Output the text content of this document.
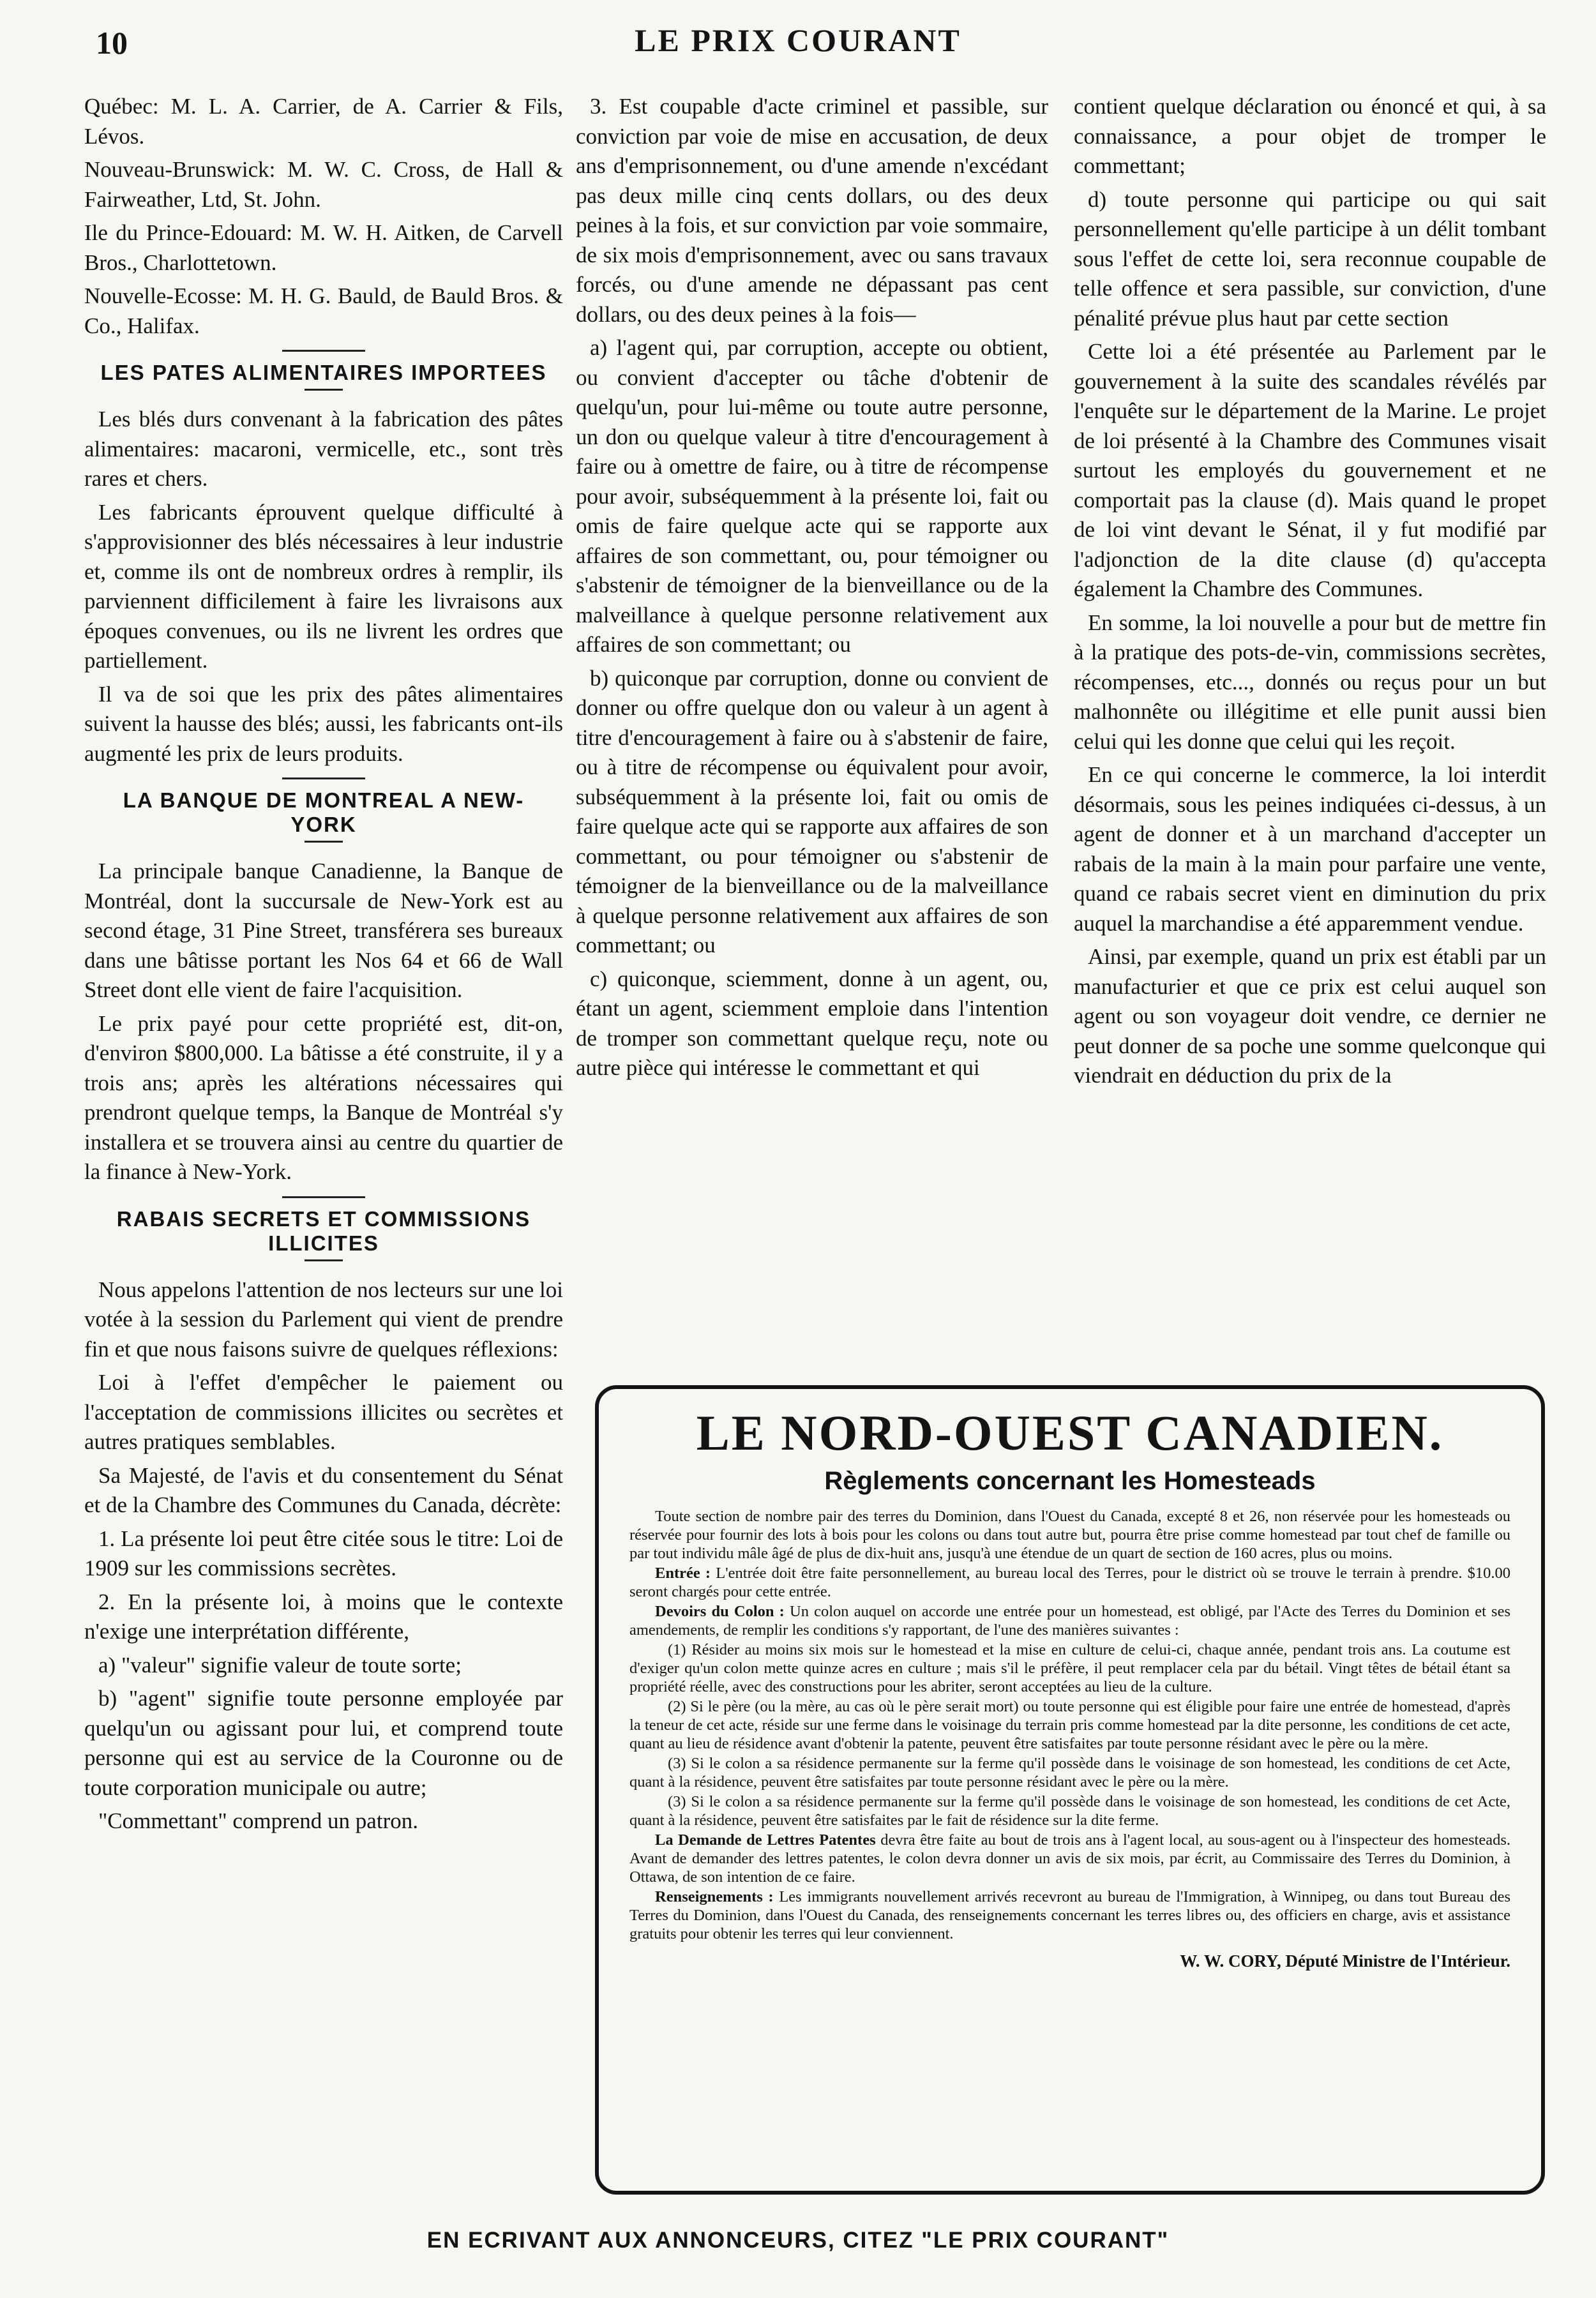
10	LE PRIX COURANT

Québec: M. L. A. Carrier, de A. Carrier & Fils, Lévos.

Nouveau-Brunswick: M. W. C. Cross, de Hall & Fairweather, Ltd, St. John.

Ile du Prince-Edouard: M. W. H. Aitken, de Carvell Bros., Charlottetown.

Nouvelle-Ecosse: M. H. G. Bauld, de Bauld Bros. & Co., Halifax.

LES PATES ALIMENTAIRES IMPORTEES

Les blés durs convenant à la fabrication des pâtes alimentaires: macaroni, vermicelle, etc., sont très rares et chers.

Les fabricants éprouvent quelque difficulté à s'approvisionner des blés nécessaires à leur industrie et, comme ils ont de nombreux ordres à remplir, ils parviennent difficilement à faire les livraisons aux époques convenues, ou ils ne livrent les ordres que partiellement.

Il va de soi que les prix des pâtes alimentaires suivent la hausse des blés; aussi, les fabricants ont-ils augmenté les prix de leurs produits.

LA BANQUE DE MONTREAL A NEW-YORK

La principale banque Canadienne, la Banque de Montréal, dont la succursale de New-York est au second étage, 31 Pine Street, transférera ses bureaux dans une bâtisse portant les Nos 64 et 66 de Wall Street dont elle vient de faire l'acquisition.

Le prix payé pour cette propriété est, dit-on, d'environ $800,000. La bâtisse a été construite, il y a trois ans; après les altérations nécessaires qui prendront quelque temps, la Banque de Montréal s'y installera et se trouvera ainsi au centre du quartier de la finance à New-York.

RABAIS SECRETS ET COMMISSIONS ILLICITES

Nous appelons l'attention de nos lecteurs sur une loi votée à la session du Parlement qui vient de prendre fin et que nous faisons suivre de quelques réflexions:

Loi à l'effet d'empêcher le paiement ou l'acceptation de commissions illicites ou secrètes et autres pratiques semblables.

Sa Majesté, de l'avis et du consentement du Sénat et de la Chambre des Communes du Canada, décrète:

1. La présente loi peut être citée sous le titre: Loi de 1909 sur les commissions secrètes.

2. En la présente loi, à moins que le contexte n'exige une interprétation différente,

a) "valeur" signifie valeur de toute sorte;

b) "agent" signifie toute personne employée par quelqu'un ou agissant pour lui, et comprend toute personne qui est au service de la Couronne ou de toute corporation municipale ou autre;

"Commettant" comprend un patron.

3. Est coupable d'acte criminel et passible, sur conviction par voie de mise en accusation, de deux ans d'emprisonnement, ou d'une amende n'excédant pas deux mille cinq cents dollars, ou des deux peines à la fois, et sur conviction par voie sommaire, de six mois d'emprisonnement, avec ou sans travaux forcés, ou d'une amende ne dépassant pas cent dollars, ou des deux peines à la fois—

a) l'agent qui, par corruption, accepte ou obtient, ou convient d'accepter ou tâche d'obtenir de quelqu'un, pour lui-même ou toute autre personne, un don ou quelque valeur à titre d'encouragement à faire ou à omettre de faire, ou à titre de récompense pour avoir, subséquemment à la présente loi, fait ou omis de faire quelque acte qui se rapporte aux affaires de son commettant, ou, pour témoigner ou s'abstenir de témoigner de la bienveillance ou de la malveillance à quelque personne relativement aux affaires de son commettant; ou

b) quiconque par corruption, donne ou convient de donner ou offre quelque don ou valeur à un agent à titre d'encouragement à faire ou à s'abstenir de faire, ou à titre de récompense ou équivalent pour avoir, subséquemment à la présente loi, fait ou omis de faire quelque acte qui se rapporte aux affaires de son commettant, ou pour témoigner ou s'abstenir de témoigner de la bienveillance ou de la malveillance à quelque personne relativement aux affaires de son commettant; ou

c) quiconque, sciemment, donne à un agent, ou, étant un agent, sciemment emploie dans l'intention de tromper son commettant quelque reçu, note ou autre pièce qui intéresse le commettant et qui

contient quelque déclaration ou énoncé et qui, à sa connaissance, a pour objet de tromper le commettant;

d) toute personne qui participe ou qui sait personnellement qu'elle participe à un délit tombant sous l'effet de cette loi, sera reconnue coupable de telle offence et sera passible, sur conviction, d'une pénalité prévue plus haut par cette section

Cette loi a été présentée au Parlement par le gouvernement à la suite des scandales révélés par l'enquête sur le département de la Marine. Le projet de loi présenté à la Chambre des Communes visait surtout les employés du gouvernement et ne comportait pas la clause (d). Mais quand le propet de loi vint devant le Sénat, il y fut modifié par l'adjonction de la dite clause (d) qu'accepta également la Chambre des Communes.

En somme, la loi nouvelle a pour but de mettre fin à la pratique des pots-de-vin, commissions secrètes, récompenses, etc..., donnés ou reçus pour un but malhonnête ou illégitime et elle punit aussi bien celui qui les donne que celui qui les reçoit.

En ce qui concerne le commerce, la loi interdit désormais, sous les peines indiquées ci-dessus, à un agent de donner et à un marchand d'accepter un rabais de la main à la main pour parfaire une vente, quand ce rabais secret vient en diminution du prix auquel la marchandise a été apparemment vendue.

Ainsi, par exemple, quand un prix est établi par un manufacturier et que ce prix est celui auquel son agent ou son voyageur doit vendre, ce dernier ne peut donner de sa poche une somme quelconque qui viendrait en déduction du prix de la

LE NORD-OUEST CANADIEN.
Règlements concernant les Homesteads

Toute section de nombre pair des terres du Dominion, dans l'Ouest du Canada, excepté 8 et 26, non réservée pour les homesteads ou réservée pour fournir des lots à bois pour les colons ou dans tout autre but, pourra être prise comme homestead par tout chef de famille ou par tout individu mâle âgé de plus de dix-huit ans, jusqu'à une étendue de un quart de section de 160 acres, plus ou moins.

Entrée : L'entrée doit être faite personnellement, au bureau local des Terres, pour le district où se trouve le terrain à prendre. $10.00 seront chargés pour cette entrée.

Devoirs du Colon : Un colon auquel on accorde une entrée pour un homestead, est obligé, par l'Acte des Terres du Dominion et ses amendements, de remplir les conditions s'y rapportant, de l'une des manières suivantes :

(1) Résider au moins six mois sur le homestead et la mise en culture de celui-ci, chaque année, pendant trois ans. La coutume est d'exiger qu'un colon mette quinze acres en culture ; mais s'il le préfère, il peut remplacer cela par du bétail. Vingt têtes de bétail étant sa propriété réelle, avec des constructions pour les abriter, seront acceptées au lieu de la culture.

(2) Si le père (ou la mère, au cas où le père serait mort) ou toute personne qui est éligible pour faire une entrée de homestead, d'après la teneur de cet acte, réside sur une ferme dans le voisinage du terrain pris comme homestead par la dite personne, les conditions de cet acte, quant au lieu de résidence avant d'obtenir la patente, peuvent être satisfaites par toute personne résidant avec le père ou la mère.

(3) Si le colon a sa résidence permanente sur la ferme qu'il possède dans le voisinage de son homestead, les conditions de cet Acte, quant à la résidence, peuvent être satisfaites par toute personne résidant avec le père ou la mère.

(3) Si le colon a sa résidence permanente sur la ferme qu'il possède dans le voisinage de son homestead, les conditions de cet Acte, quant à la résidence, peuvent être satisfaites par le fait de résidence sur la dite ferme.

La Demande de Lettres Patentes devra être faite au bout de trois ans à l'agent local, au sous-agent ou à l'inspecteur des homesteads. Avant de demander des lettres patentes, le colon devra donner un avis de six mois, par écrit, au Commissaire des Terres du Dominion, à Ottawa, de son intention de ce faire.

Renseignements : Les immigrants nouvellement arrivés recevront au bureau de l'Immigration, à Winnipeg, ou dans tout Bureau des Terres du Dominion, dans l'Ouest du Canada, des renseignements concernant les terres libres ou, des officiers en charge, avis et assistance gratuits pour obtenir les terres qui leur conviennent.

W. W. CORY, Député Ministre de l'Intérieur.

EN ECRIVANT AUX ANNONCEURS, CITEZ "LE PRIX COURANT"
